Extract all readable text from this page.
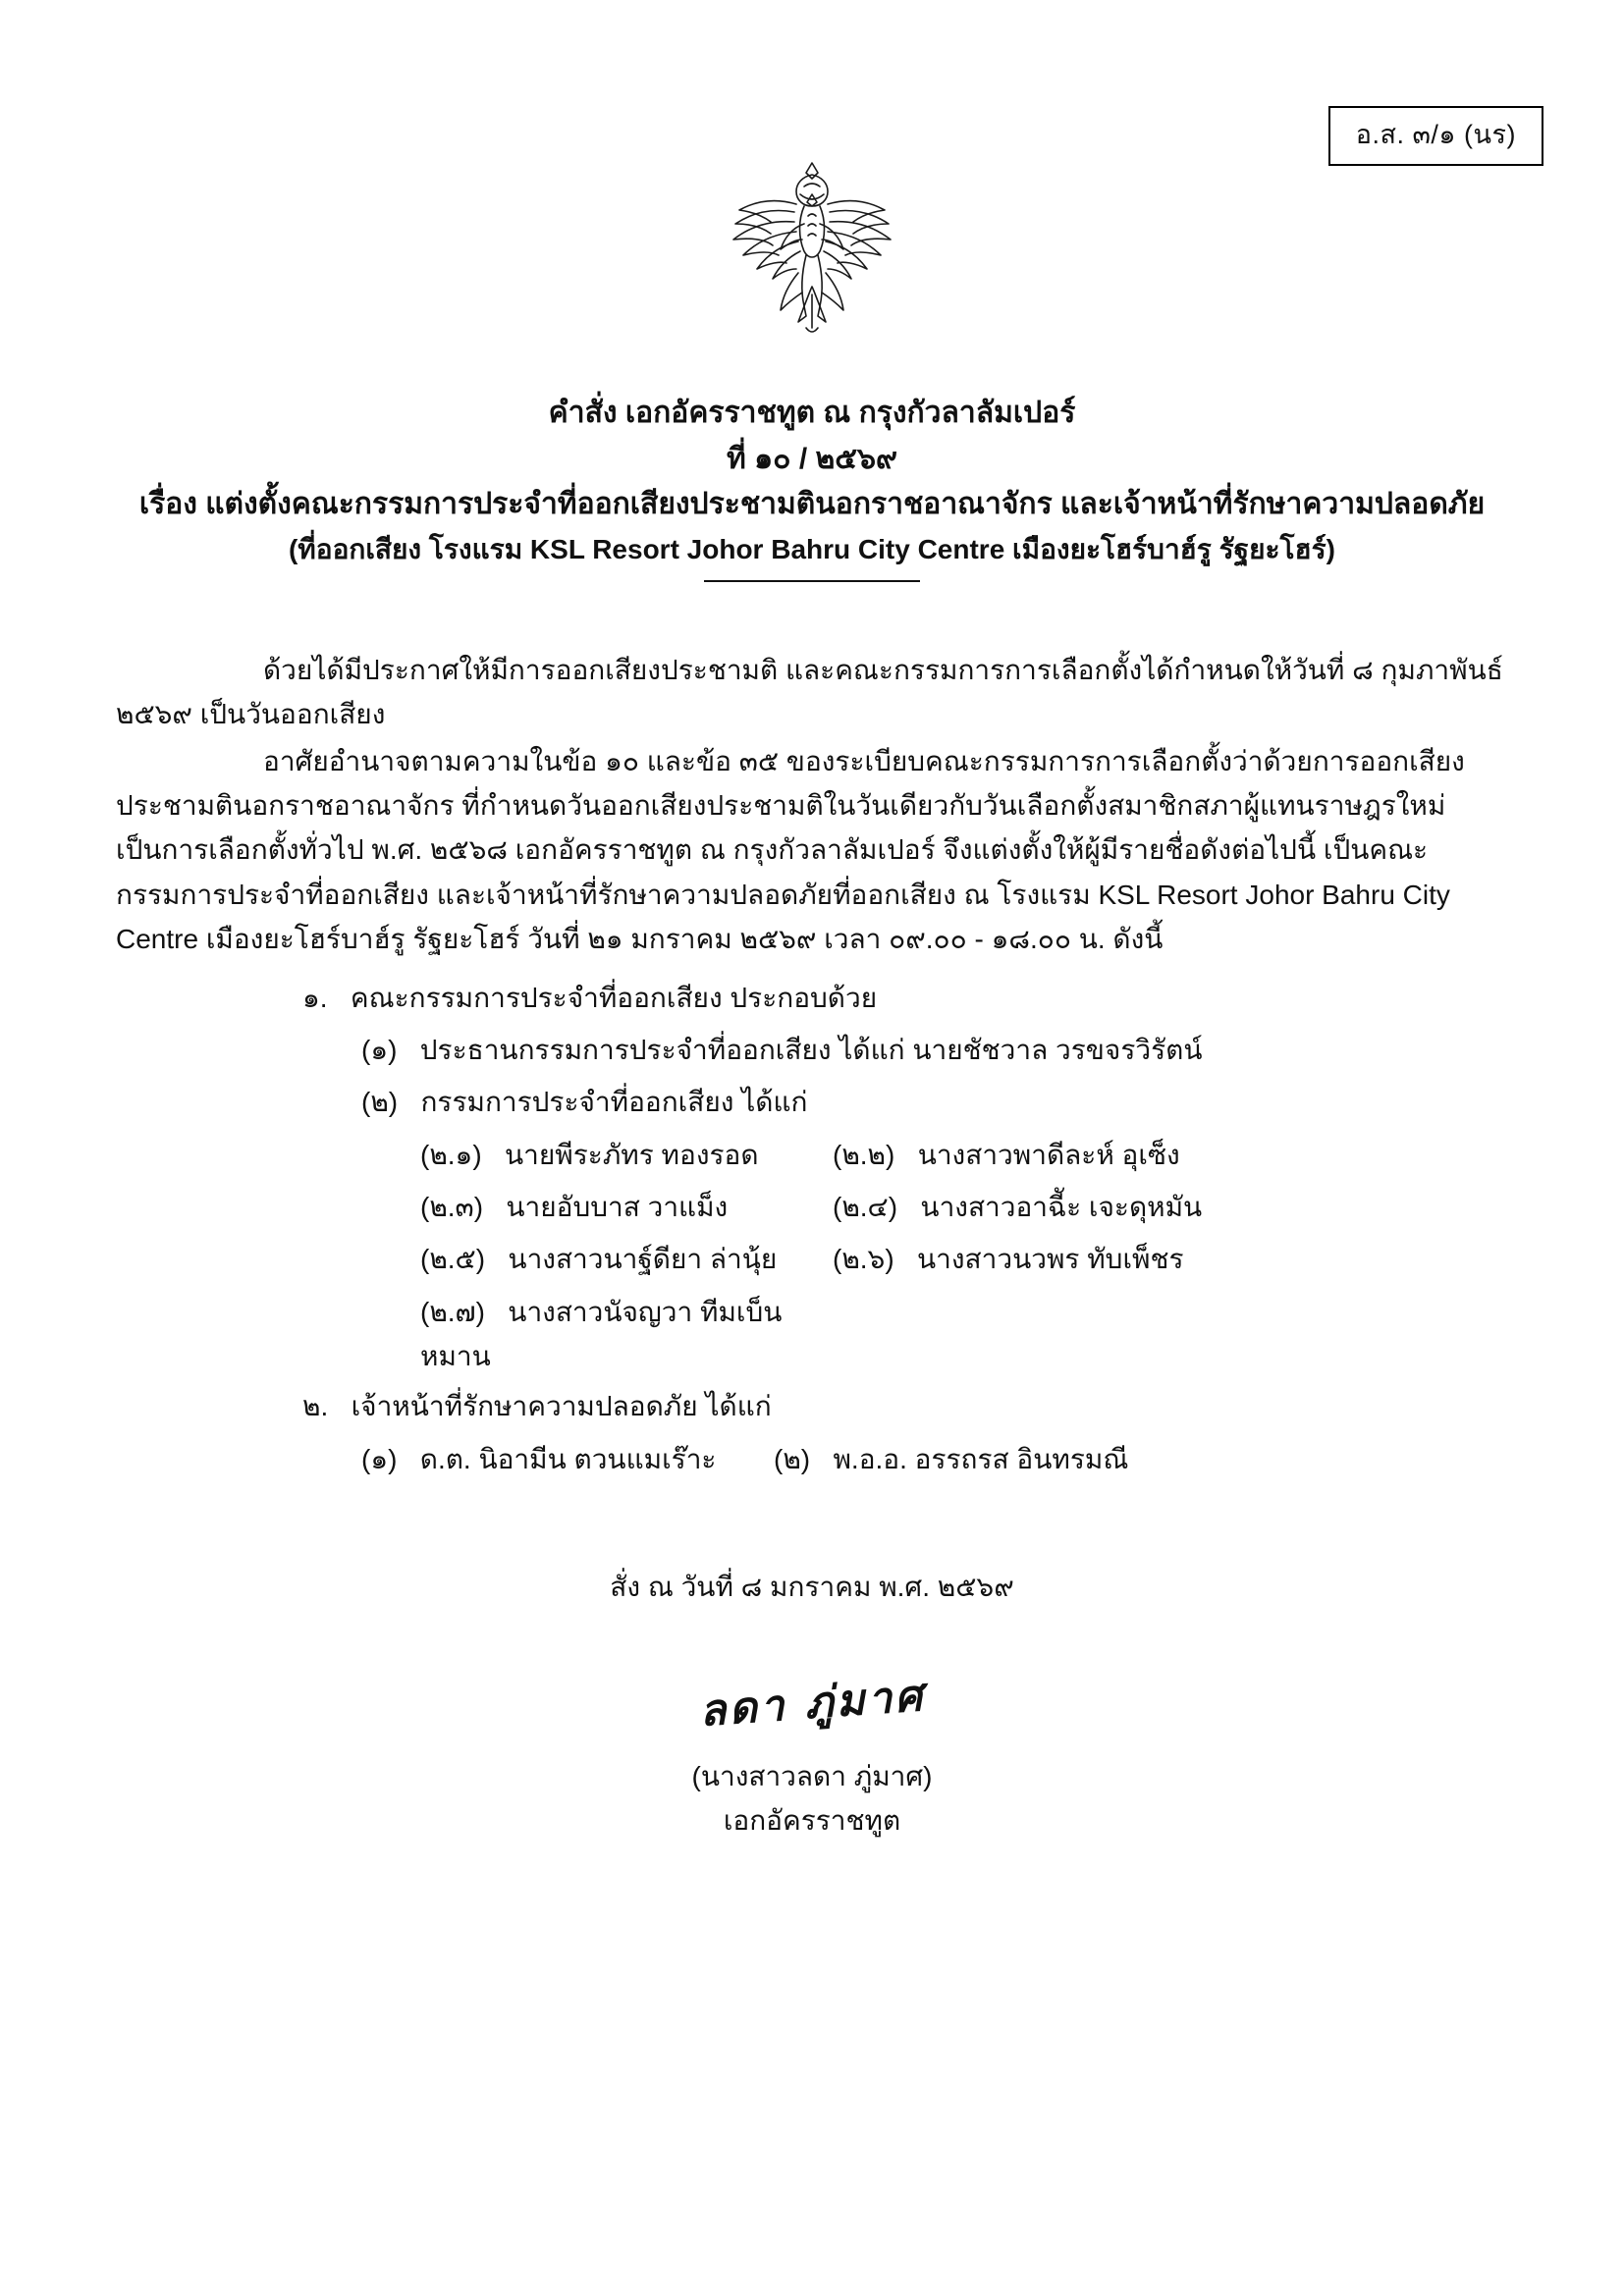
อ.ส. ๓/๑ (นร)
คำสั่ง เอกอัครราชทูต ณ กรุงกัวลาลัมเปอร์
ที่ ๑๐ / ๒๕๖๙
เรื่อง แต่งตั้งคณะกรรมการประจำที่ออกเสียงประชามตินอกราชอาณาจักร และเจ้าหน้าที่รักษาความปลอดภัย
(ที่ออกเสียง โรงแรม KSL Resort Johor Bahru City Centre เมืองยะโฮร์บาฮ์รู รัฐยะโฮร์)

ด้วยได้มีประกาศให้มีการออกเสียงประชามติ และคณะกรรมการการเลือกตั้งได้กำหนดให้วันที่ ๘ กุมภาพันธ์ ๒๕๖๙ เป็นวันออกเสียง

อาศัยอำนาจตามความในข้อ ๑๐ และข้อ ๓๕ ของระเบียบคณะกรรมการการเลือกตั้งว่าด้วยการออกเสียงประชามตินอกราชอาณาจักร ที่กำหนดวันออกเสียงประชามติในวันเดียวกับวันเลือกตั้งสมาชิกสภาผู้แทนราษฎรใหม่ เป็นการเลือกตั้งทั่วไป พ.ศ. ๒๕๖๘ เอกอัครราชทูต ณ กรุงกัวลาลัมเปอร์ จึงแต่งตั้งให้ผู้มีรายชื่อดังต่อไปนี้ เป็นคณะกรรมการประจำที่ออกเสียง และเจ้าหน้าที่รักษาความปลอดภัยที่ออกเสียง ณ โรงแรม KSL Resort Johor Bahru City Centre เมืองยะโฮร์บาฮ์รู รัฐยะโฮร์ วันที่ ๒๑ มกราคม ๒๕๖๙ เวลา ๐๙.๐๐ - ๑๘.๐๐ น. ดังนี้

๑. คณะกรรมการประจำที่ออกเสียง ประกอบด้วย
(๑) ประธานกรรมการประจำที่ออกเสียง ได้แก่ นายชัชวาล วรขจรวิรัตน์
(๒) กรรมการประจำที่ออกเสียง ได้แก่
(๒.๑) นายพีระภัทร ทองรอด	(๒.๒) นางสาวพาดีละห์ อุเซ็ง
(๒.๓) นายอับบาส วาแม็ง	(๒.๔) นางสาวอาฉีัะ เจะดุหมัน
(๒.๕) นางสาวนาฐ์ดียา ล่านุ้ย	(๒.๖) นางสาวนวพร ทับเพ็ชร
(๒.๗) นางสาวนัจญวา ทีมเบ็นหมาน
๒. เจ้าหน้าที่รักษาความปลอดภัย ได้แก่
(๑) ด.ต. นิอามีน ตวนแมเร๊าะ	(๒) พ.อ.อ. อรรถรส อินทรมณี
สั่ง ณ วันที่ ๘ มกราคม พ.ศ. ๒๕๖๙
ลดา ภู่มาศ
(นางสาวลดา ภู่มาศ)
เอกอัครราชทูต
